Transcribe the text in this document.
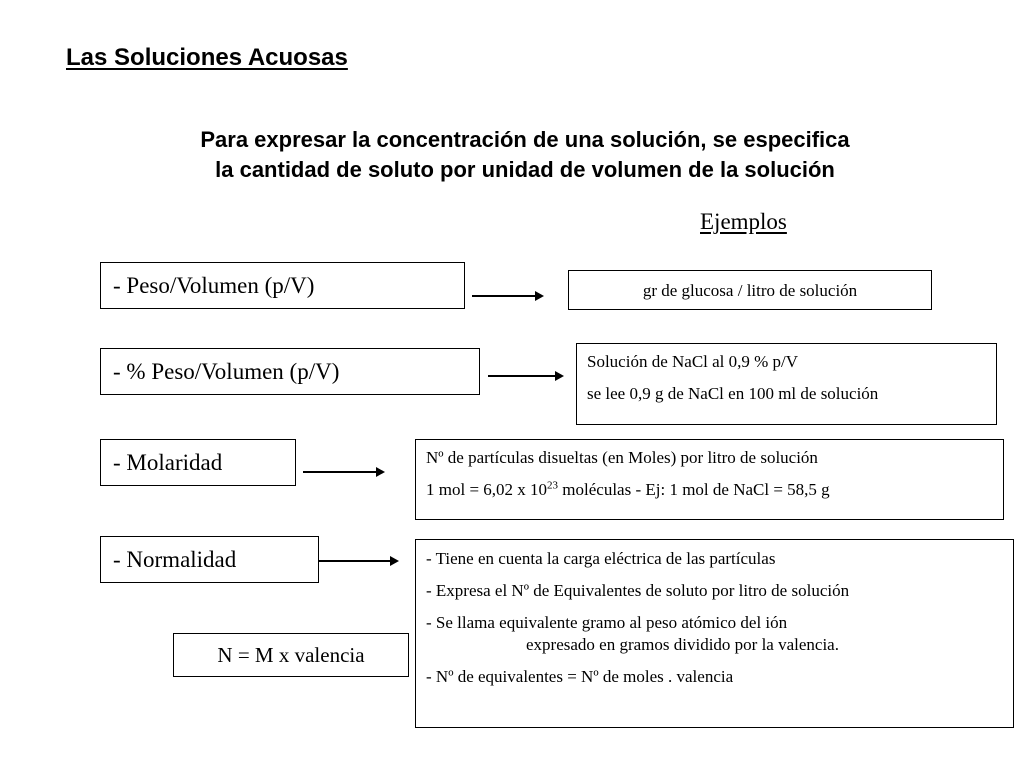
Las Soluciones Acuosas
Para expresar la concentración de una solución, se especifica
la cantidad de soluto por unidad de volumen de la solución
Ejemplos
- Peso/Volumen (p/V)	gr de glucosa / litro de solución
- % Peso/Volumen (p/V)	Solución de NaCl al 0,9 % p/V
se lee 0,9 g de NaCl en 100 ml de solución
- Molaridad	Nº de partículas disueltas (en Moles) por litro de solución
1 mol = 6,02 x $10^{23}$ moléculas - Ej: 1 mol de NaCl = 58,5 g
- Normalidad	- Tiene en cuenta la carga eléctrica de las partículas
- Expresa el Nº de Equivalentes de soluto por litro de solución
- Se llama equivalente gramo al peso atómico del ión
expresado en gramos dividido por la valencia.
- Nº de equivalentes = Nº de moles . valencia
N = M x valencia
